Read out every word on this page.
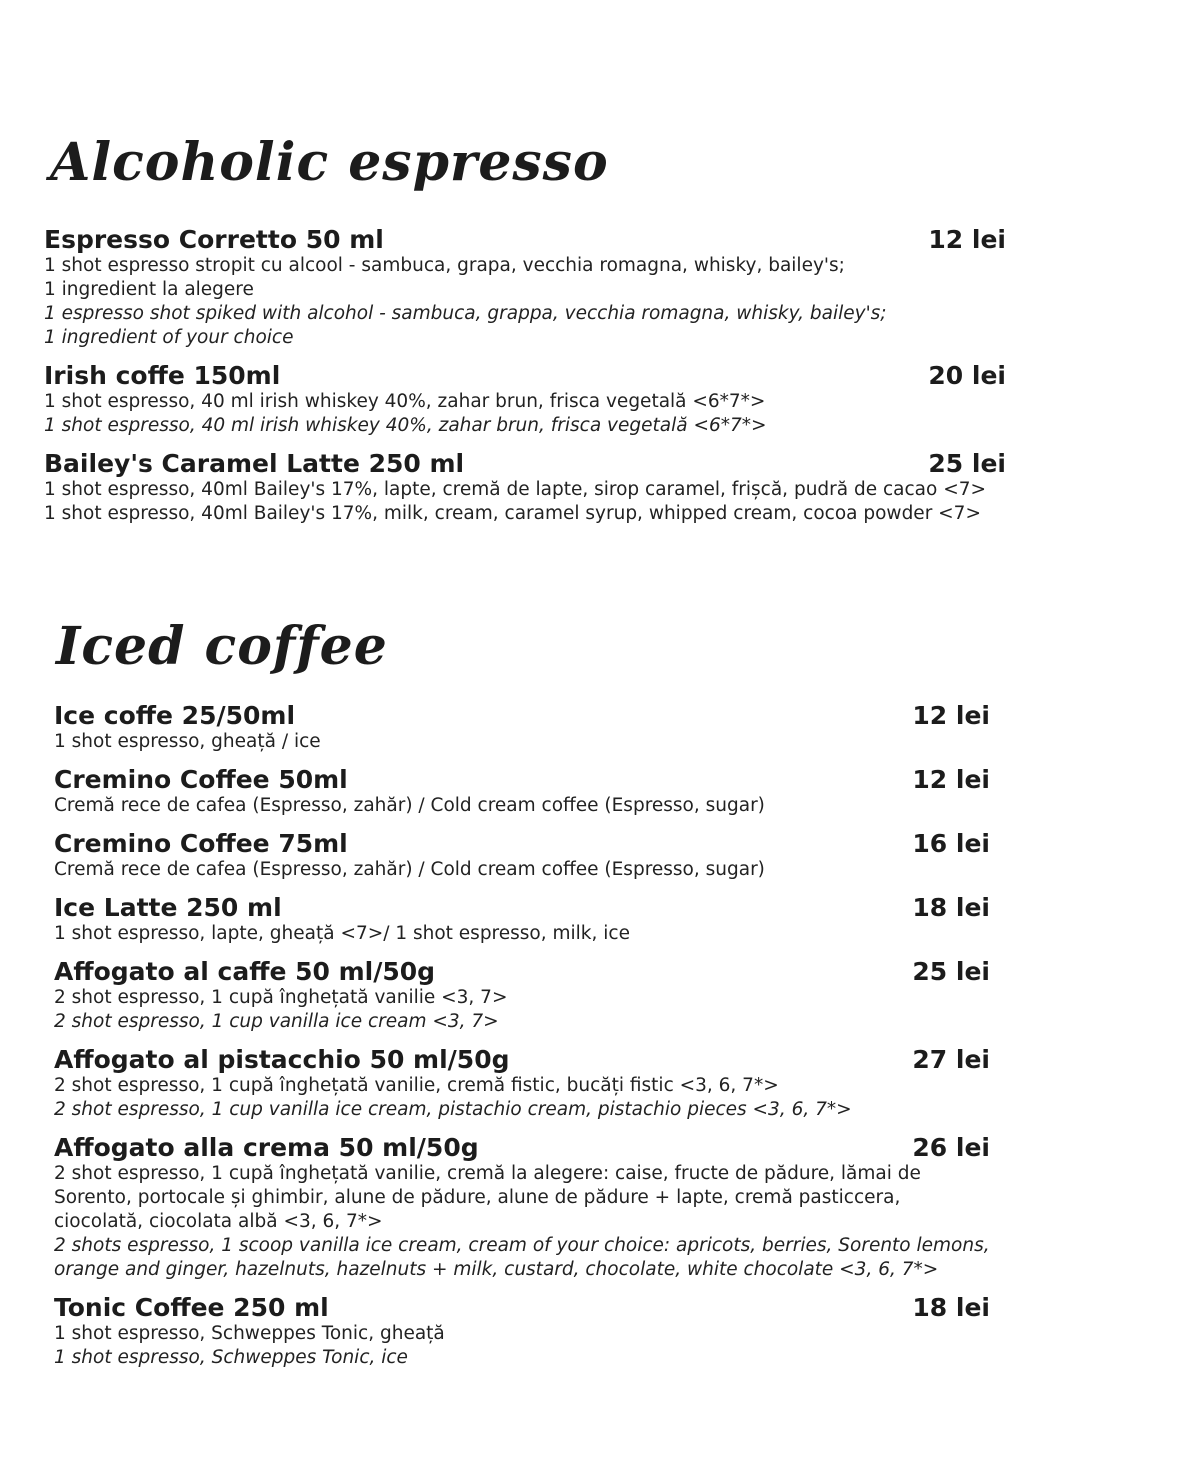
Alcoholic espresso
Espresso Corretto 50 ml	12 lei
1 shot espresso stropit cu alcool - sambuca, grapa, vecchia romagna, whisky, bailey's;
1 ingredient la alegere
1 espresso shot spiked with alcohol - sambuca, grappa, vecchia romagna, whisky, bailey's;
1 ingredient of your choice
Irish coffe 150ml	20 lei
1 shot espresso, 40 ml irish whiskey 40%, zahar brun, frisca vegetală <6*7*>
1 shot espresso, 40 ml irish whiskey 40%, zahar brun, frisca vegetală <6*7*>
Bailey's Caramel Latte 250 ml	25 lei
1 shot espresso, 40ml Bailey's 17%, lapte, cremă de lapte, sirop caramel, frișcă, pudră de cacao <7>
1 shot espresso, 40ml Bailey's 17%, milk, cream, caramel syrup, whipped cream, cocoa powder <7>
Iced coffee
Ice coffe 25/50ml	12 lei
1 shot espresso, gheață / ice
Cremino Coffee 50ml	12 lei
Cremă rece de cafea (Espresso, zahăr) / Cold cream coffee (Espresso, sugar)
Cremino Coffee 75ml	16 lei
Cremă rece de cafea (Espresso, zahăr) / Cold cream coffee (Espresso, sugar)
Ice Latte 250 ml	18 lei
1 shot espresso, lapte, gheață <7>/ 1 shot espresso, milk, ice
Affogato al caffe 50 ml/50g	25 lei
2 shot espresso, 1 cupă înghețată vanilie <3, 7>
2 shot espresso, 1 cup vanilla ice cream <3, 7>
Affogato al pistacchio 50 ml/50g	27 lei
2 shot espresso, 1 cupă înghețată vanilie, cremă fistic, bucăți fistic <3, 6, 7*>
2 shot espresso, 1 cup vanilla ice cream, pistachio cream, pistachio pieces <3, 6, 7*>
Affogato alla crema 50 ml/50g	26 lei
2 shot espresso, 1 cupă înghețată vanilie, cremă la alegere: caise, fructe de pădure, lămai de Sorento, portocale și ghimbir, alune de pădure, alune de pădure + lapte, cremă pasticcera, ciocolată, ciocolata albă <3, 6, 7*>
2 shots espresso, 1 scoop vanilla ice cream, cream of your choice: apricots, berries, Sorento lemons, orange and ginger, hazelnuts, hazelnuts + milk, custard, chocolate, white chocolate <3, 6, 7*>
Tonic Coffee 250 ml	18 lei
1 shot espresso, Schweppes Tonic, gheață
1 shot espresso, Schweppes Tonic, ice
